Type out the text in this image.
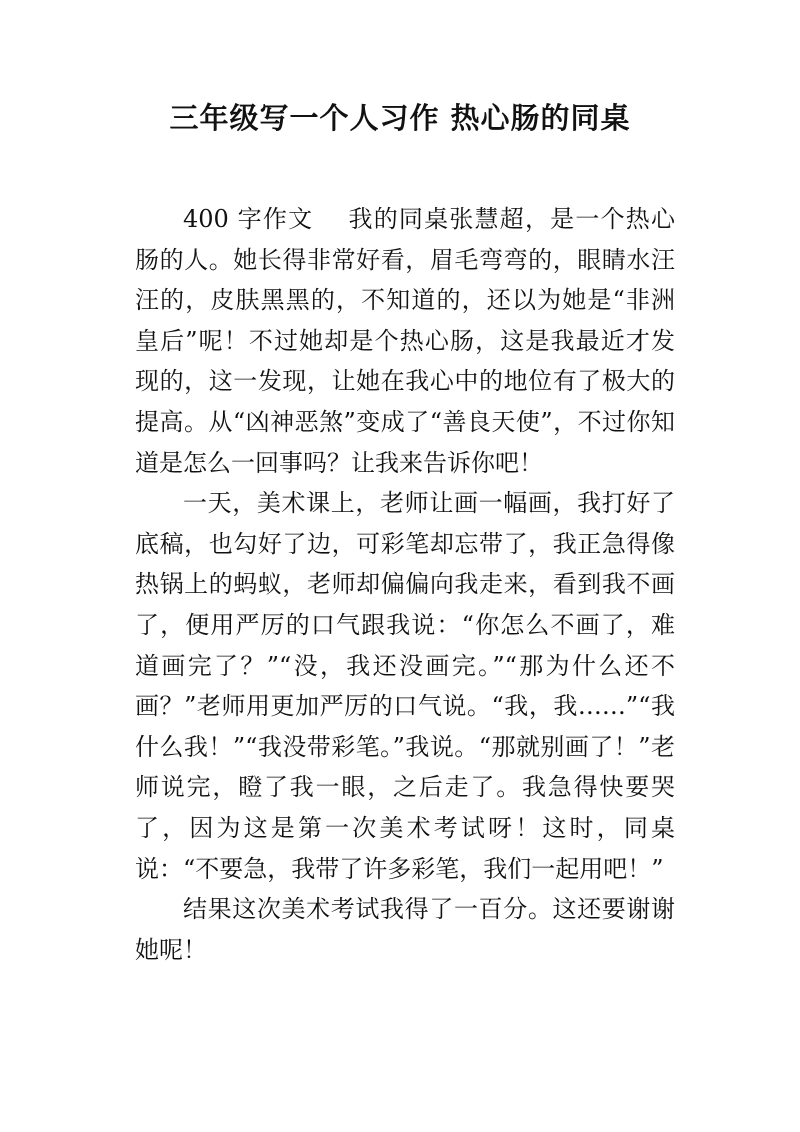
三年级写一个人习作 热心肠的同桌

400 字作文 我的同桌张慧超，是一个热心肠的人。她长得非常好看，眉毛弯弯的，眼睛水汪汪的，皮肤黑黑的，不知道的，还以为她是“非洲皇后”呢！不过她却是个热心肠，这是我最近才发现的，这一发现，让她在我心中的地位有了极大的提高。从“凶神恶煞”变成了“善良天使”，不过你知道是怎么一回事吗？让我来告诉你吧！

一天，美术课上，老师让画一幅画，我打好了底稿，也勾好了边，可彩笔却忘带了，我正急得像热锅上的蚂蚁，老师却偏偏向我走来，看到我不画了，便用严厉的口气跟我说：“你怎么不画了，难道画完了？”“没，我还没画完。”“那为什么还不画？”老师用更加严厉的口气说。“我，我……”“我什么我！”“我没带彩笔。”我说。“那就别画了！”老师说完，瞪了我一眼，之后走了。我急得快要哭了，因为这是第一次美术考试呀！这时，同桌说：“不要急，我带了许多彩笔，我们一起用吧！”

结果这次美术考试我得了一百分。这还要谢谢她呢！
